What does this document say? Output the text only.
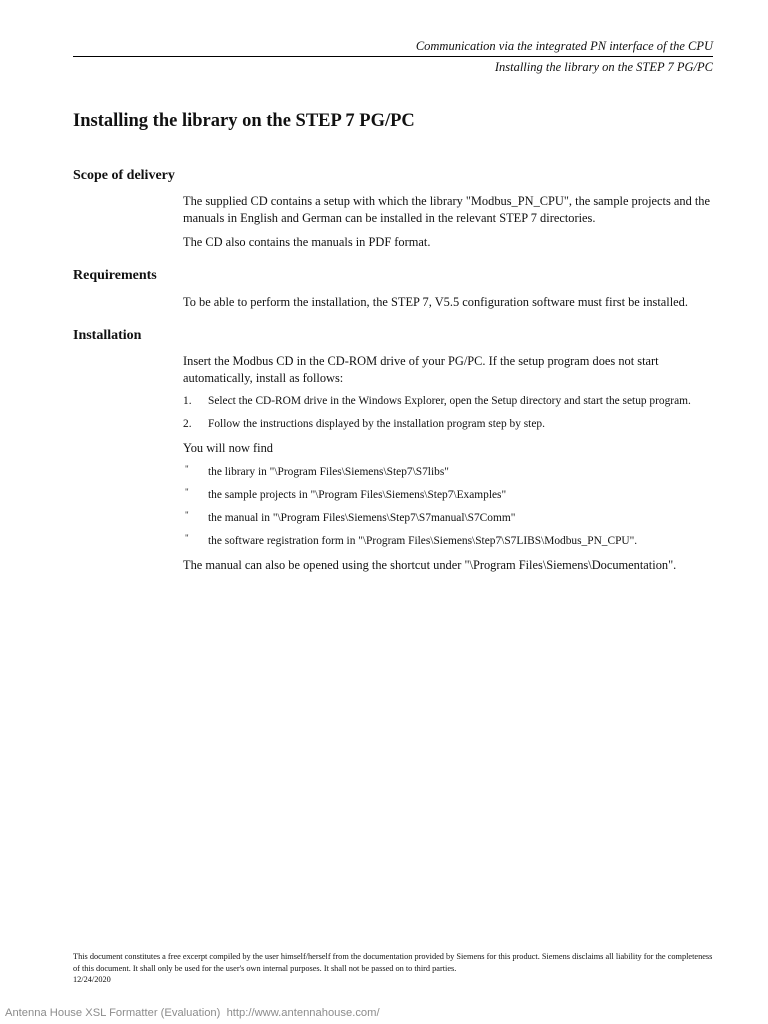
Communication via the integrated PN interface of the CPU
Installing the library on the STEP 7 PG/PC
Installing the library on the STEP 7 PG/PC
Scope of delivery

The supplied CD contains a setup with which the library "Modbus_PN_CPU", the sample projects and the manuals in English and German can be installed in the relevant STEP 7 directories.

The CD also contains the manuals in PDF format.

Requirements

To be able to perform the installation, the STEP 7, V5.5 configuration software must first be installed.

Installation

Insert the Modbus CD in the CD-ROM drive of your PG/PC. If the setup program does not start automatically, install as follows:

1. Select the CD-ROM drive in the Windows Explorer, open the Setup directory and start the setup program.
2. Follow the instructions displayed by the installation program step by step.

You will now find

" the library in "\Program Files\Siemens\Step7\S7libs"
" the sample projects in "\Program Files\Siemens\Step7\Examples"
" the manual in "\Program Files\Siemens\Step7\S7manual\S7Comm"
" the software registration form in "\Program Files\Siemens\Step7\S7LIBS\Modbus_PN_CPU".

The manual can also be opened using the shortcut under "\Program Files\Siemens\Documentation".

This document constitutes a free excerpt compiled by the user himself/herself from the documentation provided by Siemens for this product. Siemens disclaims all liability for the completeness of this document. It shall only be used for the user's own internal purposes. It shall not be passed on to third parties.
12/24/2020
Antenna House XSL Formatter (Evaluation)  http://www.antennahouse.com/
